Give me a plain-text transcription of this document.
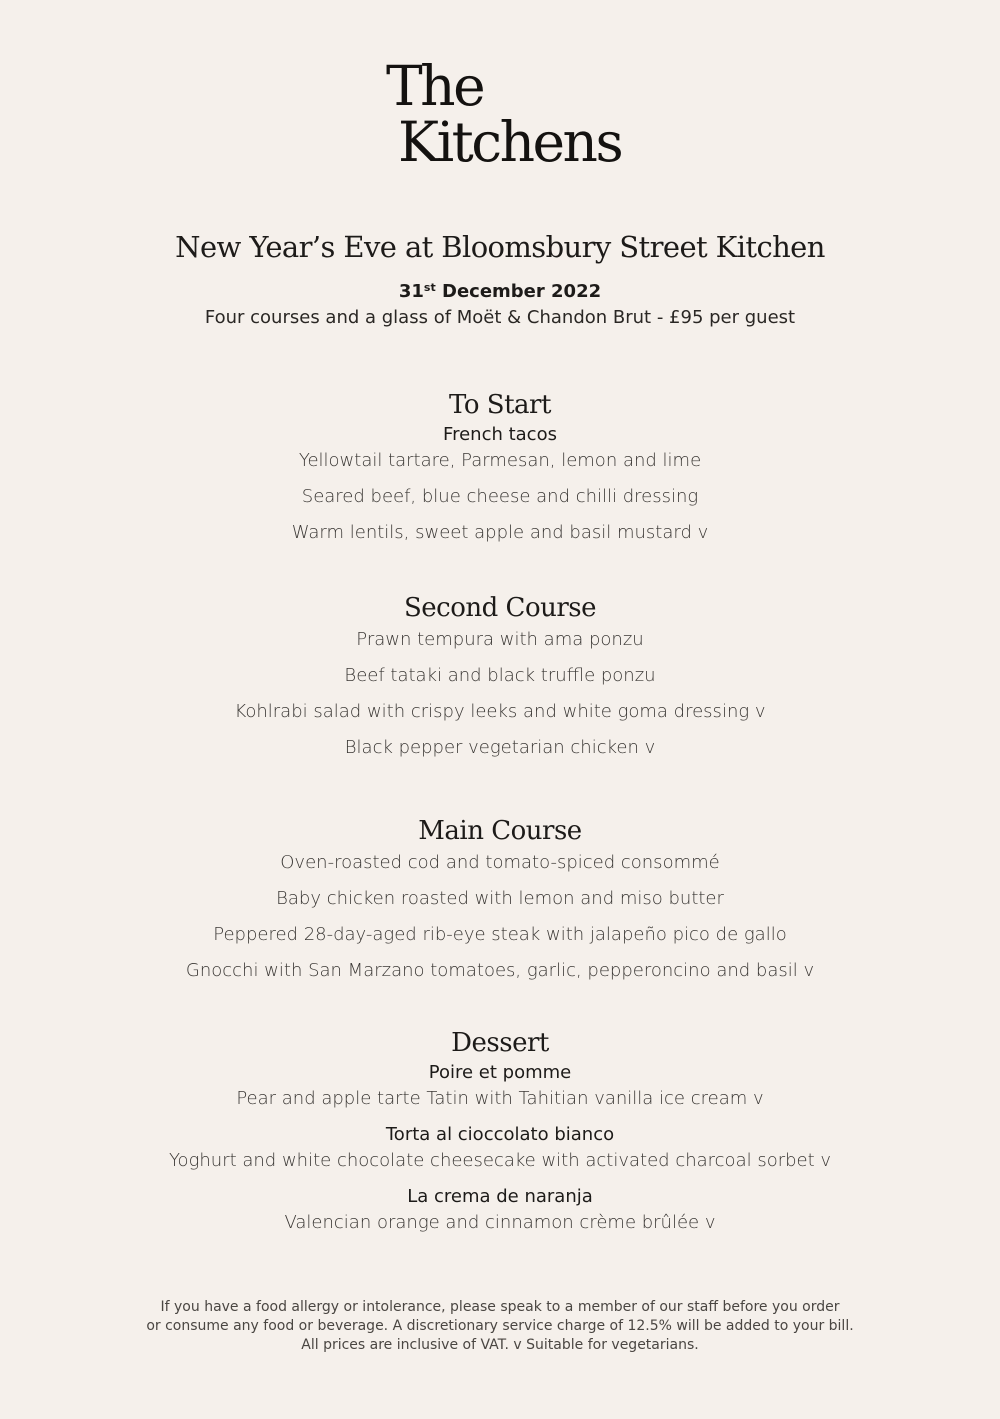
The
Kitchens
New Year’s Eve at Bloomsbury Street Kitchen
31st December 2022
Four courses and a glass of Moët & Chandon Brut - £95 per guest
To Start
French tacos
Yellowtail tartare, Parmesan, lemon and lime
Seared beef, blue cheese and chilli dressing
Warm lentils, sweet apple and basil mustard v
Second Course
Prawn tempura with ama ponzu
Beef tataki and black truffle ponzu
Kohlrabi salad with crispy leeks and white goma dressing v
Black pepper vegetarian chicken v
Main Course
Oven-roasted cod and tomato-spiced consommé
Baby chicken roasted with lemon and miso butter
Peppered 28-day-aged rib-eye steak with jalapeño pico de gallo
Gnocchi with San Marzano tomatoes, garlic, pepperoncino and basil v
Dessert
Poire et pomme
Pear and apple tarte Tatin with Tahitian vanilla ice cream v
Torta al cioccolato bianco
Yoghurt and white chocolate cheesecake with activated charcoal sorbet v
La crema de naranja
Valencian orange and cinnamon crème brûlée v
If you have a food allergy or intolerance, please speak to a member of our staff before you order
or consume any food or beverage. A discretionary service charge of 12.5% will be added to your bill.
All prices are inclusive of VAT. v Suitable for vegetarians.
